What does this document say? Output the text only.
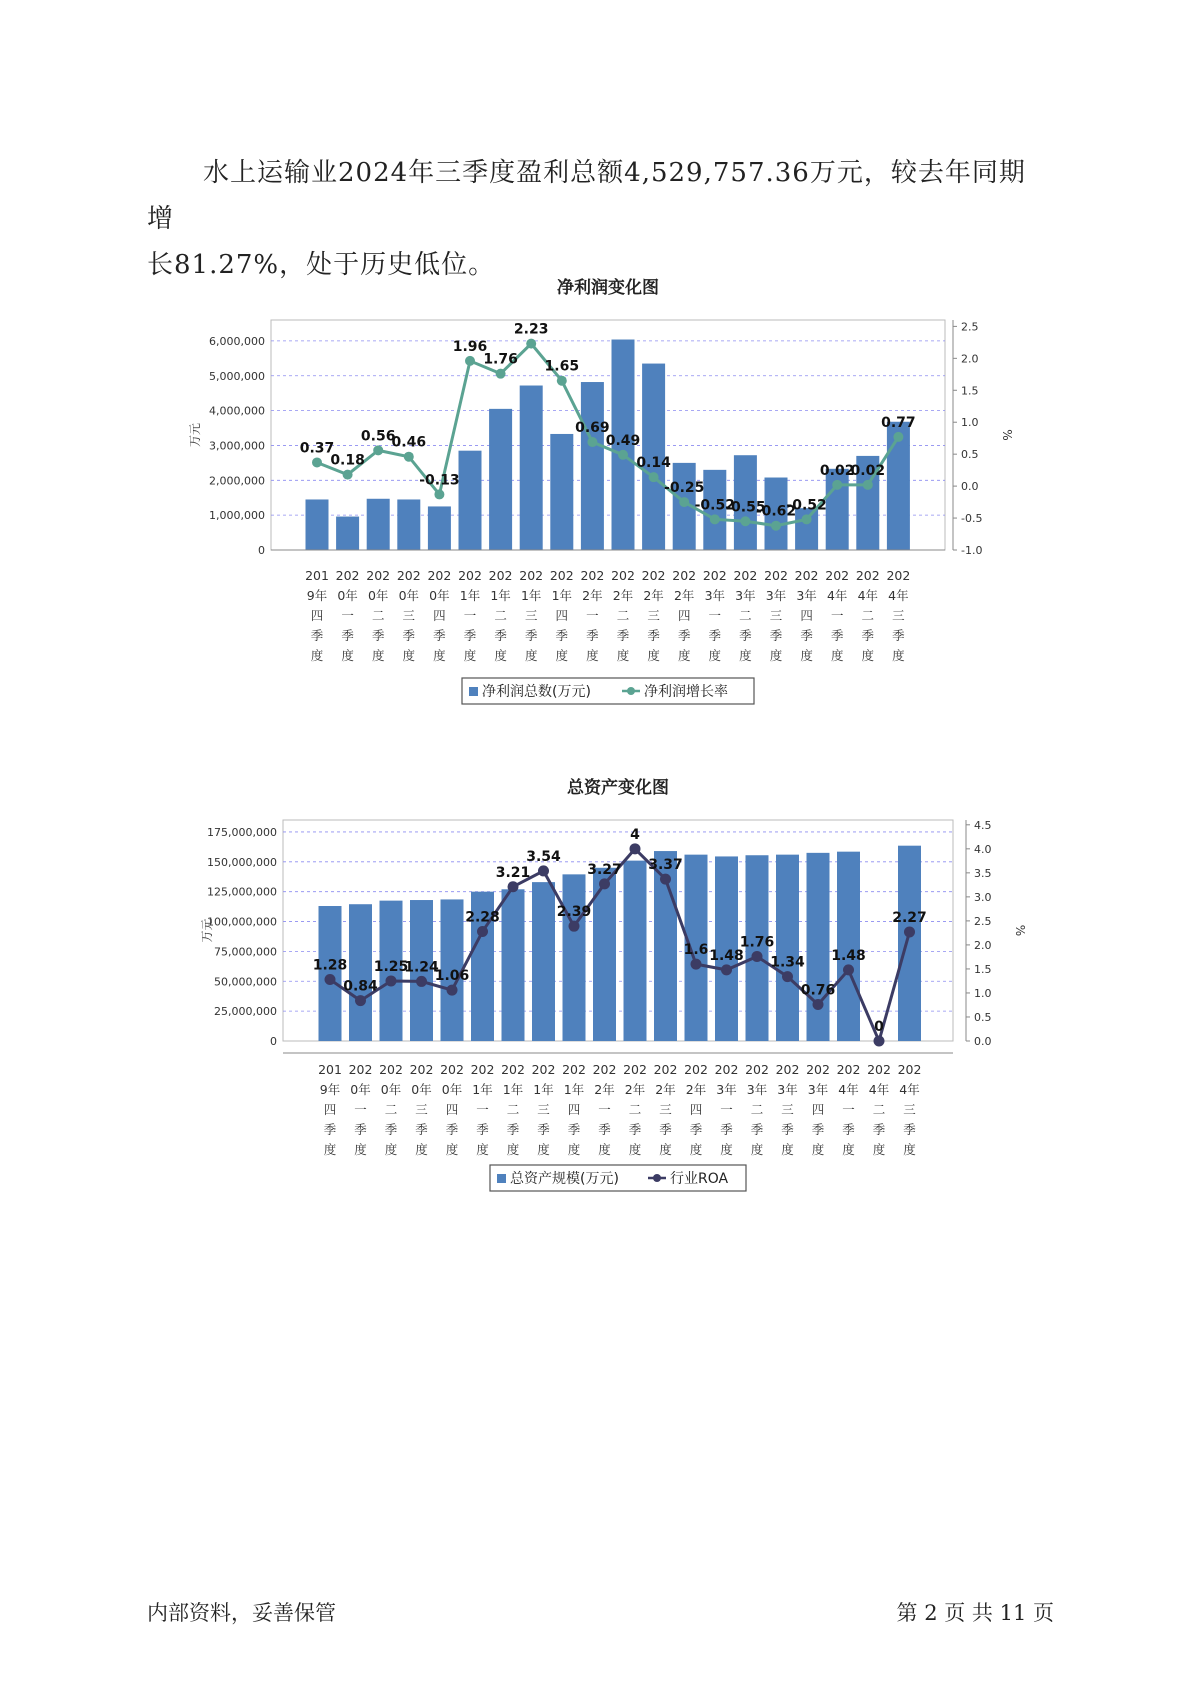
水上运输业2024年三季度盈利总额4,529,757.36万元，较去年同期增
长81.27%，处于历史低位。
净利润变化图
0
1,000,000
2,000,000
3,000,000
4,000,000
5,000,000
6,000,000
-1.0
-0.5
0.0
0.5
1.0
1.5
2.0
2.5
万元	%
201
9年
四
季
度
202
0年
一
季
度
202
0年
二
季
度
202
0年
三
季
度
202
0年
四
季
度
202
1年
一
季
度
202
1年
二
季
度
202
1年
三
季
度
202
1年
四
季
度
202
2年
一
季
度
202
2年
二
季
度
202
2年
三
季
度
202
2年
四
季
度
202
3年
一
季
度
202
3年
二
季
度
202
3年
三
季
度
202
3年
四
季
度
202
4年
一
季
度
202
4年
二
季
度
202
4年
三
季
度
0.37
0.18
0.56
0.46
-0.13
1.96
1.76
2.23
1.65
0.69
0.49
0.14
-0.25
-0.52
-0.55
-0.62
-0.52
0.02
0.02
0.77
净利润总数(万元)	净利润增长率
总资产变化图
0
25,000,000
50,000,000
75,000,000
100,000,000
125,000,000
150,000,000
175,000,000
0.0
0.5
1.0
1.5
2.0
2.5
3.0
3.5
4.0
4.5
万元	%
201
9年
四
季
度
202
0年
一
季
度
202
0年
二
季
度
202
0年
三
季
度
202
0年
四
季
度
202
1年
一
季
度
202
1年
二
季
度
202
1年
三
季
度
202
1年
四
季
度
202
2年
一
季
度
202
2年
二
季
度
202
2年
三
季
度
202
2年
四
季
度
202
3年
一
季
度
202
3年
二
季
度
202
3年
三
季
度
202
3年
四
季
度
202
4年
一
季
度
202
4年
二
季
度
202
4年
三
季
度
1.28
0.84
1.25
1.24
1.06
2.28
3.21
3.54
2.39
3.27
4
3.37
1.6 1.48
1.76
1.34
0.76
1.48
0
2.27
总资产规模(万元)	行业ROA
内部资料，妥善保管	第 2 页 共 11 页
